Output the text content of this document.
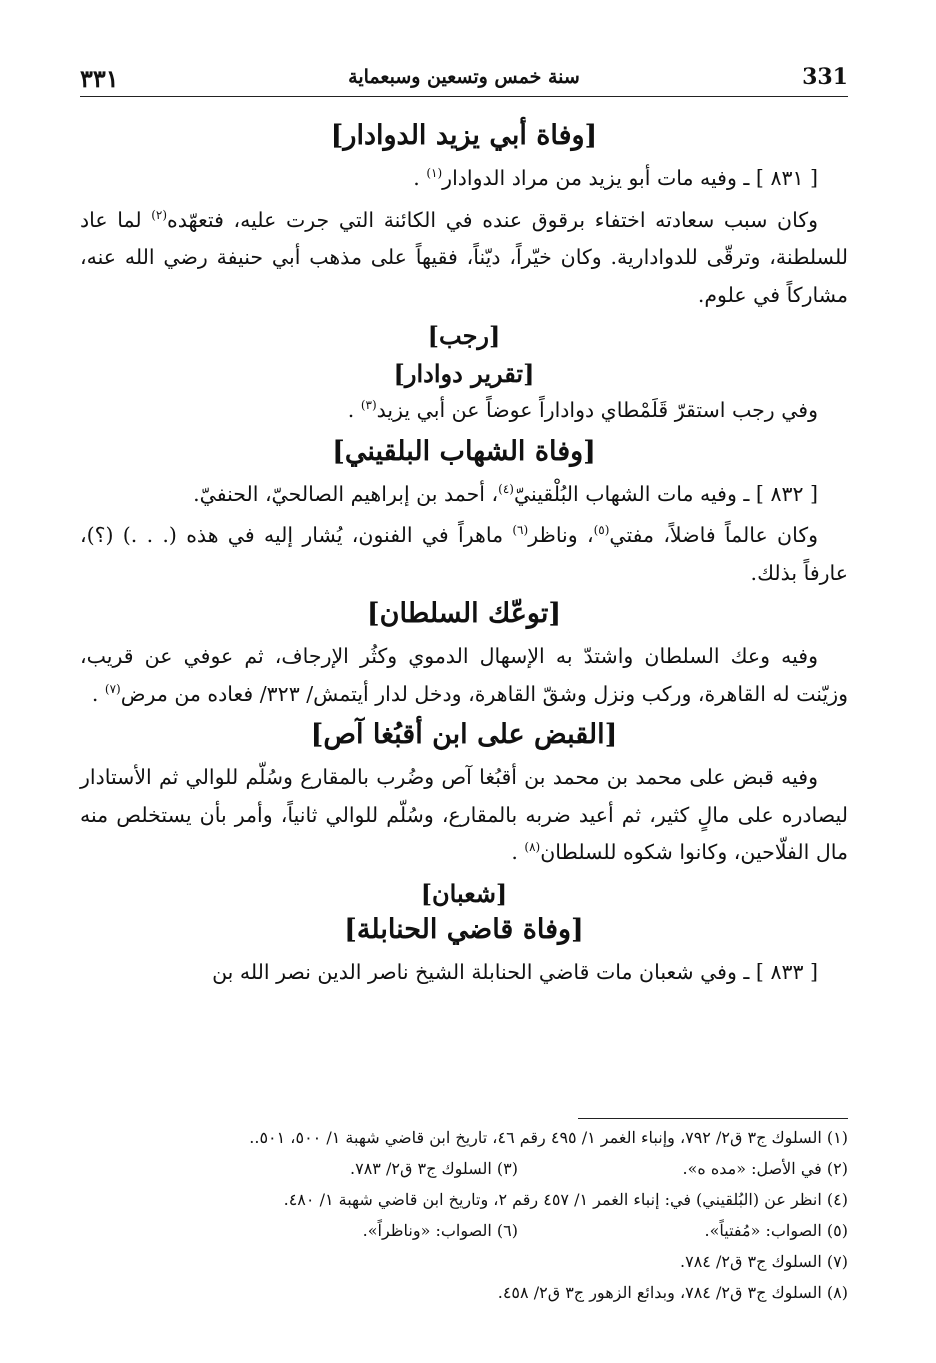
٣٣١	سنة خمس وتسعين وسبعماية	331
[وفاة أبي يزيد الدوادار]
[ ٨٣١ ] ـ وفيه مات أبو يزيد من مراد الدوادار$^{(١)}$ .
وكان سبب سعادته اختفاء برقوق عنده في الكائنة التي جرت عليه، فتعهّده$^{(٢)}$ لما عاد للسلطنة، وترقّى للدوادارية. وكان خيّراً، ديّناً، فقيهاً على مذهب أبي حنيفة رضي الله عنه، مشاركاً في علوم.
[رجب]
[تقرير دوادار]
وفي رجب استقرّ قَلَمْطاي دواداراً عوضاً عن أبي يزيد$^{(٣)}$ .
[وفاة الشهاب البلقيني]
[ ٨٣٢ ] ـ وفيه مات الشهاب البُلْقينيّ$^{(٤)}$، أحمد بن إبراهيم الصالحيّ، الحنفيّ.
وكان عالماً فاضلاً، مفتي$^{(٥)}$، وناظر$^{(٦)}$ ماهراً في الفنون، يُشار إليه في هذه (. . .) (؟)، عارفاً بذلك.
[توعّك السلطان]
وفيه وعك السلطان واشتدّ به الإسهال الدموي وكثُر الإرجاف، ثم عوفي عن قريب، وزيّنت له القاهرة، وركب ونزل وشقّ القاهرة، ودخل لدار أيتمش/ ٣٢٣/ فعاده من مرض$^{(٧)}$ .
[القبض على ابن أقبُغا آص]
وفيه قبض على محمد بن محمد بن أقبُغا آص وضُرب بالمقارع وسُلّم للوالي ثم الأستادار ليصادره على مالٍ كثير، ثم أعيد ضربه بالمقارع، وسُلّم للوالي ثانياً، وأمر بأن يستخلص منه مال الفلّاحين، وكانوا شكوه للسلطان$^{(٨)}$ .
[شعبان]
[وفاة قاضي الحنابلة]
[ ٨٣٣ ] ـ وفي شعبان مات قاضي الحنابلة الشيخ ناصر الدين نصر الله بن
(١) السلوك ج٣ ق٢/ ٧٩٢، وإنباء الغمر ١/ ٤٩٥ رقم ٤٦، تاريخ ابن قاضي شهبة ١/ ٥٠٠، ٥٠١..
(٢) في الأصل: «مده ه».
(٣) السلوك ج٣ ق٢/ ٧٨٣.
(٤) انظر عن (البُلقيني) في: إنباء الغمر ١/ ٤٥٧ رقم ٢، وتاريخ ابن قاضي شهبة ١/ ٤٨٠.
(٥) الصواب: «مُفتياً».
(٦) الصواب: «وناظراً».
(٧) السلوك ج٣ ق٢/ ٧٨٤.
(٨) السلوك ج٣ ق٢/ ٧٨٤، وبدائع الزهور ج٣ ق٢/ ٤٥٨.
